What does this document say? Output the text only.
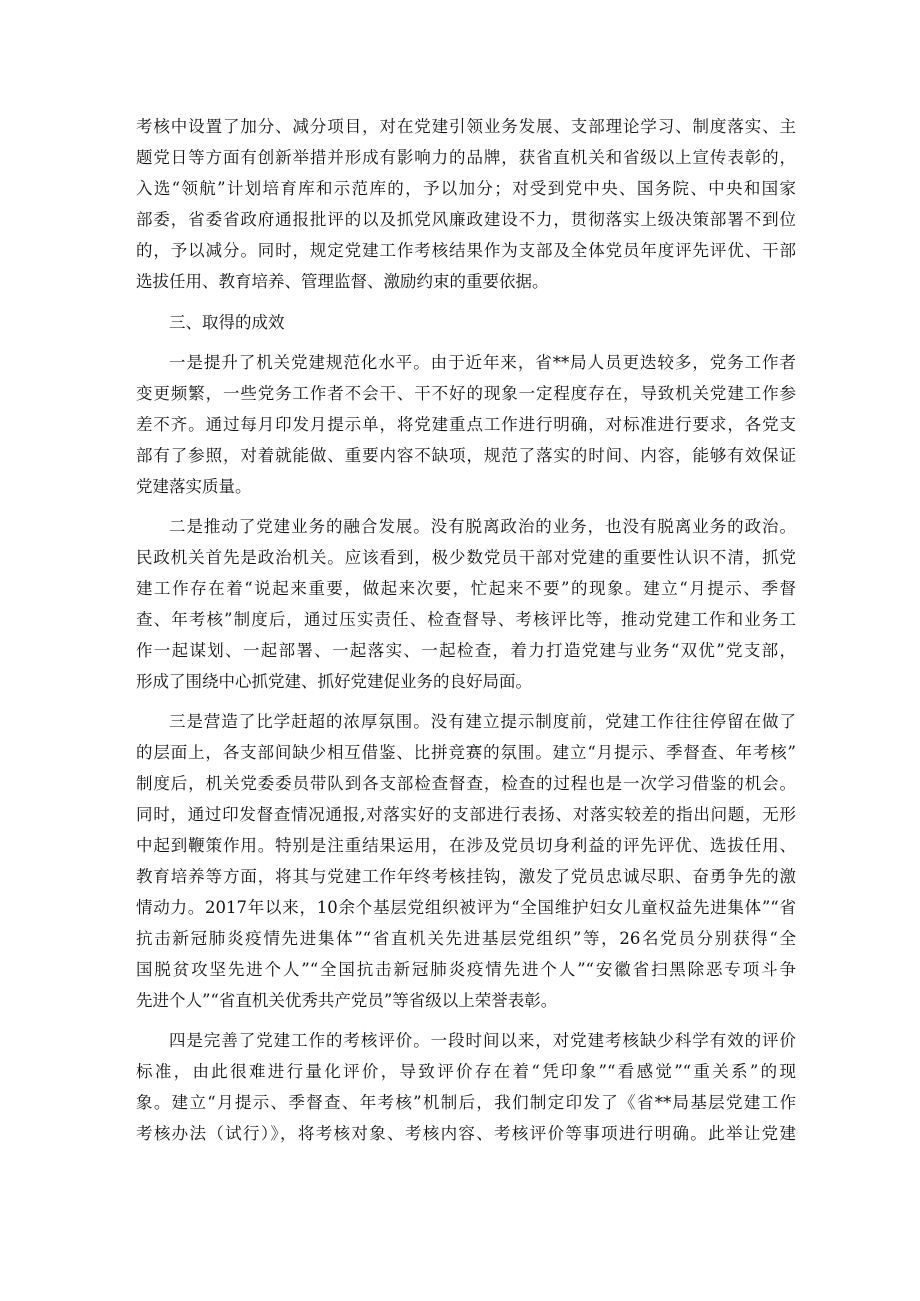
考核中设置了加分、减分项目，对在党建引领业务发展、支部理论学习、制度落实、主
题党日等方面有创新举措并形成有影响力的品牌，获省直机关和省级以上宣传表彰的，
入选“领航”计划培育库和示范库的，予以加分；对受到党中央、国务院、中央和国家
部委，省委省政府通报批评的以及抓党风廉政建设不力，贯彻落实上级决策部署不到位
的，予以减分。同时，规定党建工作考核结果作为支部及全体党员年度评先评优、干部
选拔任用、教育培养、管理监督、激励约束的重要依据。
三、取得的成效
一是提升了机关党建规范化水平。由于近年来，省**局人员更迭较多，党务工作者
变更频繁，一些党务工作者不会干、干不好的现象一定程度存在，导致机关党建工作参
差不齐。通过每月印发月提示单，将党建重点工作进行明确，对标准进行要求，各党支
部有了参照，对着就能做、重要内容不缺项，规范了落实的时间、内容，能够有效保证
党建落实质量。
二是推动了党建业务的融合发展。没有脱离政治的业务，也没有脱离业务的政治。
民政机关首先是政治机关。应该看到，极少数党员干部对党建的重要性认识不清，抓党
建工作存在着“说起来重要，做起来次要，忙起来不要”的现象。建立“月提示、季督
查、年考核”制度后，通过压实责任、检查督导、考核评比等，推动党建工作和业务工
作一起谋划、一起部署、一起落实、一起检查，着力打造党建与业务“双优”党支部，
形成了围绕中心抓党建、抓好党建促业务的良好局面。
三是营造了比学赶超的浓厚氛围。没有建立提示制度前，党建工作往往停留在做了
的层面上，各支部间缺少相互借鉴、比拼竞赛的氛围。建立“月提示、季督查、年考核”
制度后，机关党委委员带队到各支部检查督查，检查的过程也是一次学习借鉴的机会。
同时，通过印发督查情况通报,对落实好的支部进行表扬、对落实较差的指出问题，无形
中起到鞭策作用。特别是注重结果运用，在涉及党员切身利益的评先评优、选拔任用、
教育培养等方面，将其与党建工作年终考核挂钩，激发了党员忠诚尽职、奋勇争先的激
情动力。2017年以来，10余个基层党组织被评为“全国维护妇女儿童权益先进集体”“省
抗击新冠肺炎疫情先进集体”“省直机关先进基层党组织”等，26名党员分别获得“全
国脱贫攻坚先进个人”“全国抗击新冠肺炎疫情先进个人”“安徽省扫黑除恶专项斗争
先进个人”“省直机关优秀共产党员”等省级以上荣誉表彰。
四是完善了党建工作的考核评价。一段时间以来，对党建考核缺少科学有效的评价
标准，由此很难进行量化评价，导致评价存在着“凭印象”“看感觉”“重关系”的现
象。建立“月提示、季督查、年考核”机制后，我们制定印发了《省**局基层党建工作
考核办法（试行）》，将考核对象、考核内容、考核评价等事项进行明确。此举让党建
